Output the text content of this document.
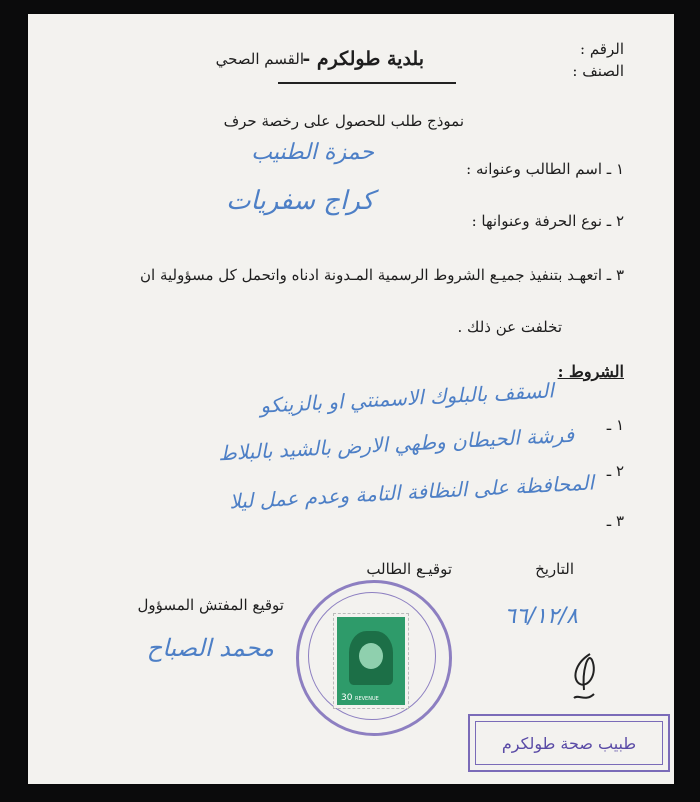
بلدية طولكرم -
القسم الصحي
الرقم :
الصنف :
نموذج طلب للحصول على رخصة حرف
١ ـ اسم الطالب وعنوانه :
حمزة الطنيب
٢ ـ نوع الحرفة وعنوانها :
كراج سفريات
٣ ـ اتعهـد بتنفيذ جميـع الشروط الرسمية المـدونة ادناه واتحمل كل مسؤولية ان
تخلفت عن ذلك .
الشروط :
١ ـ
٢ ـ
٣ ـ
السقف بالبلوك الاسمنتي او بالزينكو
فرشة الحيطان وطهي الارض بالشيد بالبلاط
المحافظة على النظافة التامة وعدم عمل ليلا
التاريخ
٦٦/١٢/٨
توقيـع الطالب
توقيع المفتش المسؤول
محمد الصباح
30 REVENUE
طبيب صحة طولكرم
